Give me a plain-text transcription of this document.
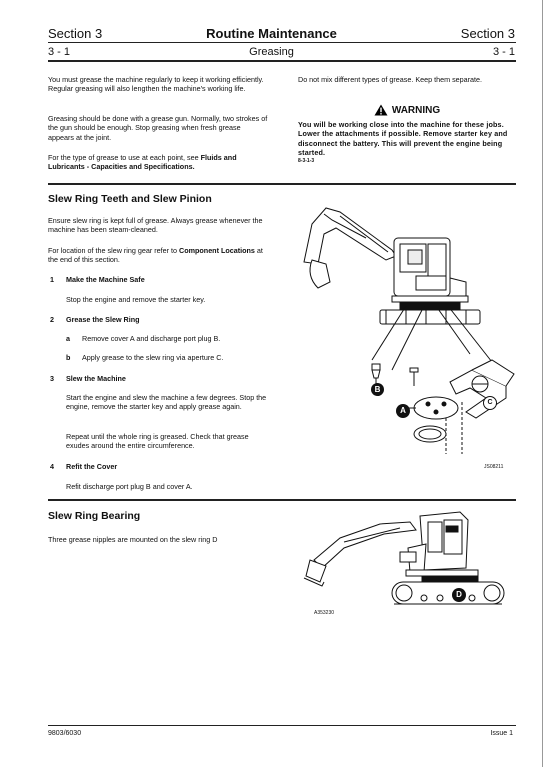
Section 3	Routine Maintenance	Section 3
3 - 1	Greasing	3 - 1
You must grease the machine regularly to keep it working efficiently. Regular greasing will also lengthen the machine's working life.
Greasing should be done with a grease gun. Normally, two strokes of the gun should be enough. Stop greasing when fresh grease appears at the joint.
For the type of grease to use at each point, see Fluids and Lubricants - Capacities and Specifications.
Do not mix different types of grease. Keep them separate.
WARNING
You will be working close into the machine for these jobs. Lower the attachments if possible. Remove starter key and disconnect the battery. This will prevent the engine being started.
8-3-1-3
Slew Ring Teeth and Slew Pinion
Ensure slew ring is kept full of grease. Always grease whenever the machine has been steam-cleaned.
For location of the slew ring gear refer to Component Locations at the end of this section.
1 Make the Machine Safe
Stop the engine and remove the starter key.
2 Grease the Slew Ring
a Remove cover A and discharge port plug B.
b Apply grease to the slew ring via aperture C.
3 Slew the Machine
Start the engine and slew the machine a few degrees. Stop the engine, remove the starter key and apply grease again.
Repeat until the whole ring is greased. Check that grease exudes around the entire circumference.
4 Refit the Cover
Refit discharge port plug B and cover A.
B
A
C
JS08211
Slew Ring Bearing
Three grease nipples are mounted on the slew ring D
D
A353230
9803/6030	Issue 1
